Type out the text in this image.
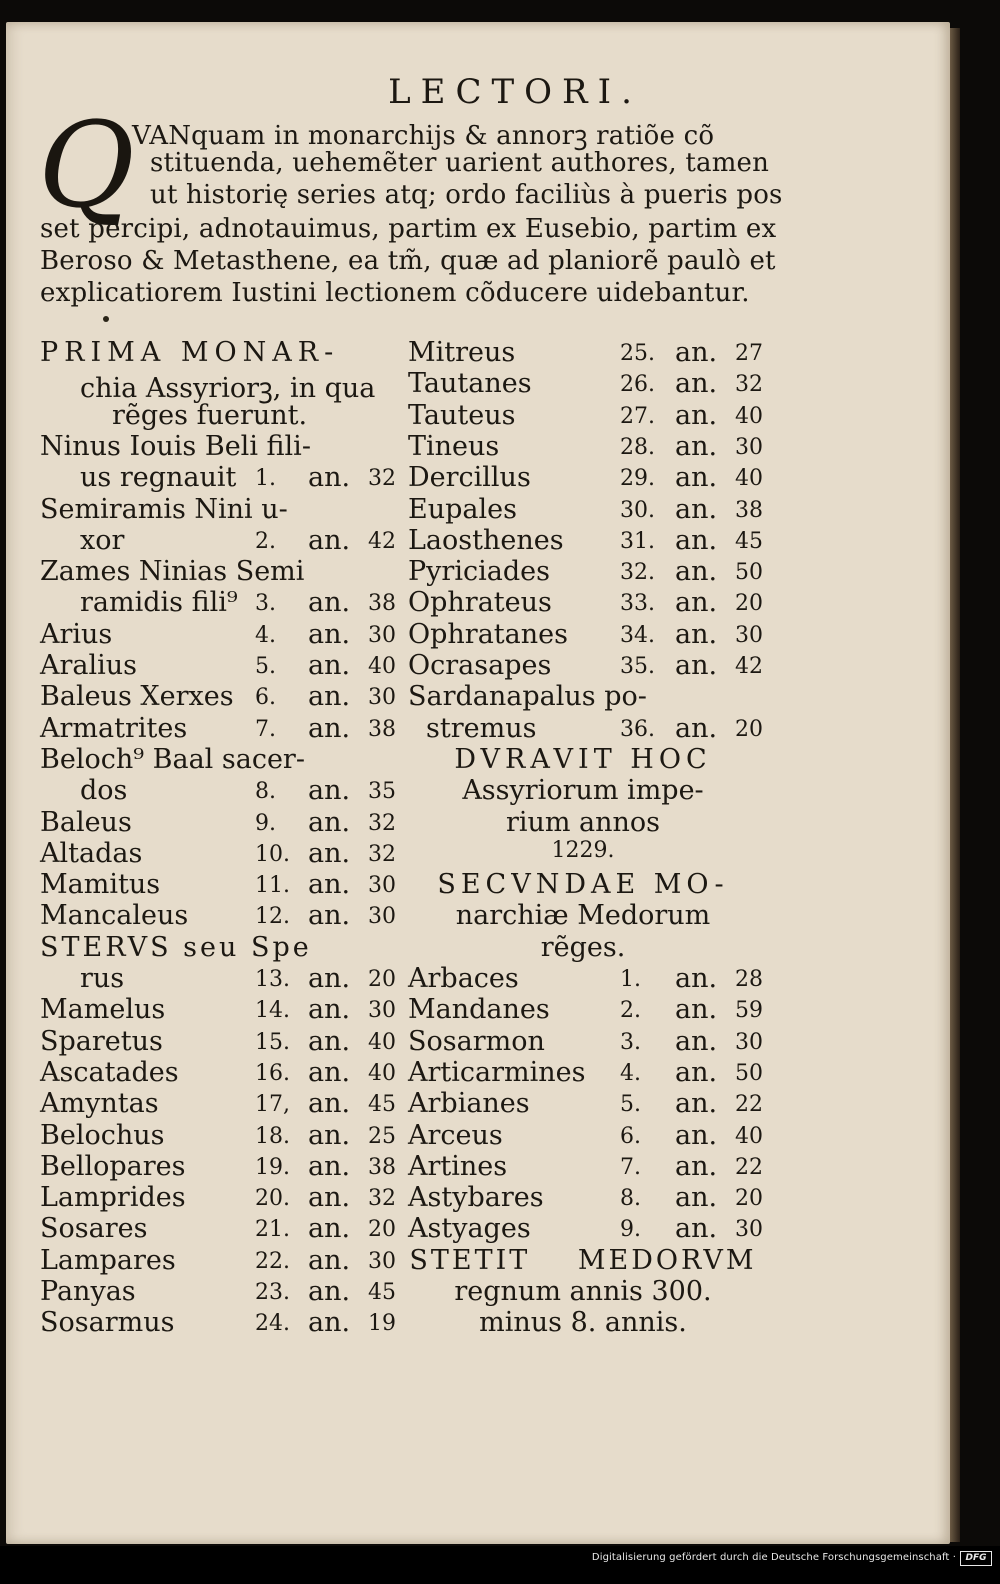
LECTORI.
Q
VANquam in monarchijs & annorꝫ ratiõe cõ
stituenda, uehemẽter uarient authores, tamen
ut historię series atq; ordo faciliùs à pueris pos
set percipi, adnotauimus, partim ex Eusebio, partim ex
Beroso & Metasthene, ea tm̃, quæ ad planiorẽ paulò et
explicatiorem Iustini lectionem cõducere uidebantur.
PRIMA MONAR-
chia Assyriorꝫ, in qua
rẽges fuerunt.
Ninus Iouis Beli fili-
us regnauit 1. an. 32
Semiramis Nini u-
xor	2. an. 42
Zames Ninias Semi
ramidis fili⁹ 3. an. 38
Arius	4. an. 30
Aralius	5. an. 40
Baleus Xerxes 6. an. 30
Armatrites	7. an. 38
Beloch⁹ Baal sacer-
dos	8. an. 35
Baleus	9. an. 32
Altadas	10. an. 32
Mamitus	11. an. 30
Mancaleus	12. an. 30
STERVS seu Spe
rus	13. an. 20
Mamelus	14. an. 30
Sparetus	15. an. 40
Ascatades	16. an. 40
Amyntas	17, an. 45
Belochus	18. an. 25
Bellopares	19. an. 38
Lamprides	20. an. 32
Sosares	21. an. 20
Lampares	22. an. 30
Panyas	23. an. 45
Sosarmus	24. an. 19
Mitreus	25. an. 27
Tautanes	26. an. 32
Tauteus	27. an. 40
Tineus	28. an. 30
Dercillus	29. an. 40
Eupales	30. an. 38
Laosthenes	31. an. 45
Pyriciades	32. an. 50
Ophrateus	33. an. 20
Ophratanes 34. an. 30
Ocrasapes	35. an. 42
Sardanapalus po-
stremus	36. an. 20
DVRAVIT HOC
Assyriorum impe-
rium annos
1229.
SECVNDAE MO-
narchiæ Medorum
rẽges.
Arbaces	1. an. 28
Mandanes	2. an. 59
Sosarmon	3. an. 30
Articarmines 4. an. 50
Arbianes	5. an. 22
Arceus	6. an. 40
Artines	7. an. 22
Astybares	8. an. 20
Astyages	9. an. 30
STETIT MEDORVM
regnum annis 300.
minus 8. annis.
Digitalisierung gefördert durch die Deutsche Forschungsgemeinschaft ·	DFG
